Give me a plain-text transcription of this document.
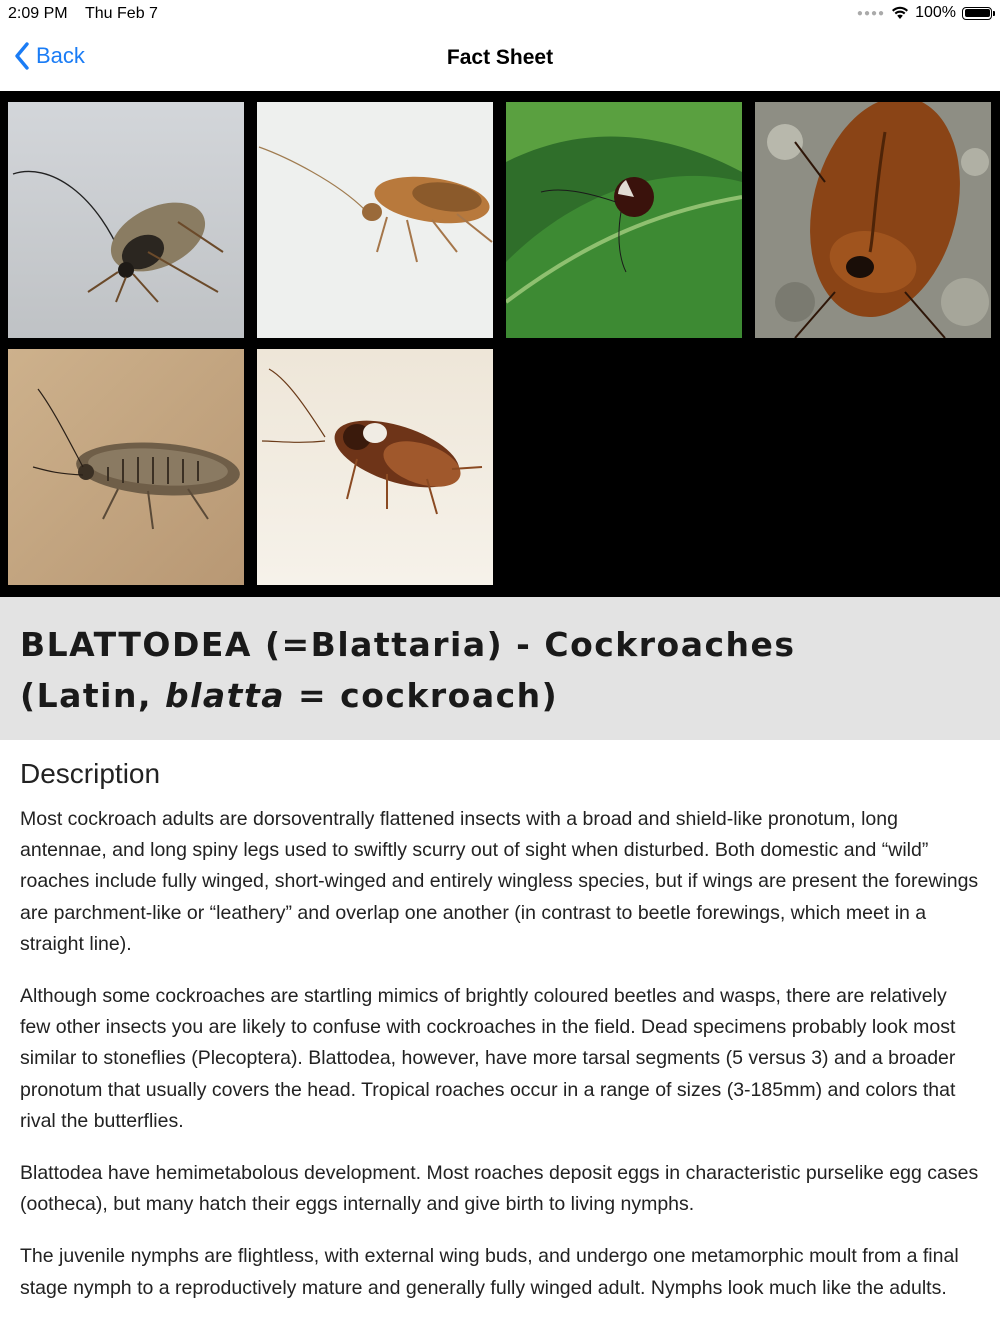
2:09 PM Thu Feb 7	●●●● 100%
Back	Fact Sheet
BLATTODEA (=Blattaria) - Cockroaches
(Latin, blatta = cockroach)
Description

Most cockroach adults are dorsoventrally flattened insects with a broad and shield-like pronotum, long antennae, and long spiny legs used to swiftly scurry out of sight when disturbed. Both domestic and “wild” roaches include fully winged, short-winged and entirely wingless species, but if wings are present the forewings are parchment-like or “leathery” and overlap one another (in contrast to beetle forewings, which meet in a straight line).

Although some cockroaches are startling mimics of brightly coloured beetles and wasps, there are relatively few other insects you are likely to confuse with cockroaches in the field. Dead specimens probably look most similar to stoneflies (Plecoptera). Blattodea, however, have more tarsal segments (5 versus 3) and a broader pronotum that usually covers the head. Tropical roaches occur in a range of sizes (3-185mm) and colors that rival the butterflies.

Blattodea have hemimetabolous development. Most roaches deposit eggs in characteristic purselike egg cases (ootheca), but many hatch their eggs internally and give birth to living nymphs.

The juvenile nymphs are flightless, with external wing buds, and undergo one metamorphic moult from a final stage nymph to a reproductively mature and generally fully winged adult. Nymphs look much like the adults.
